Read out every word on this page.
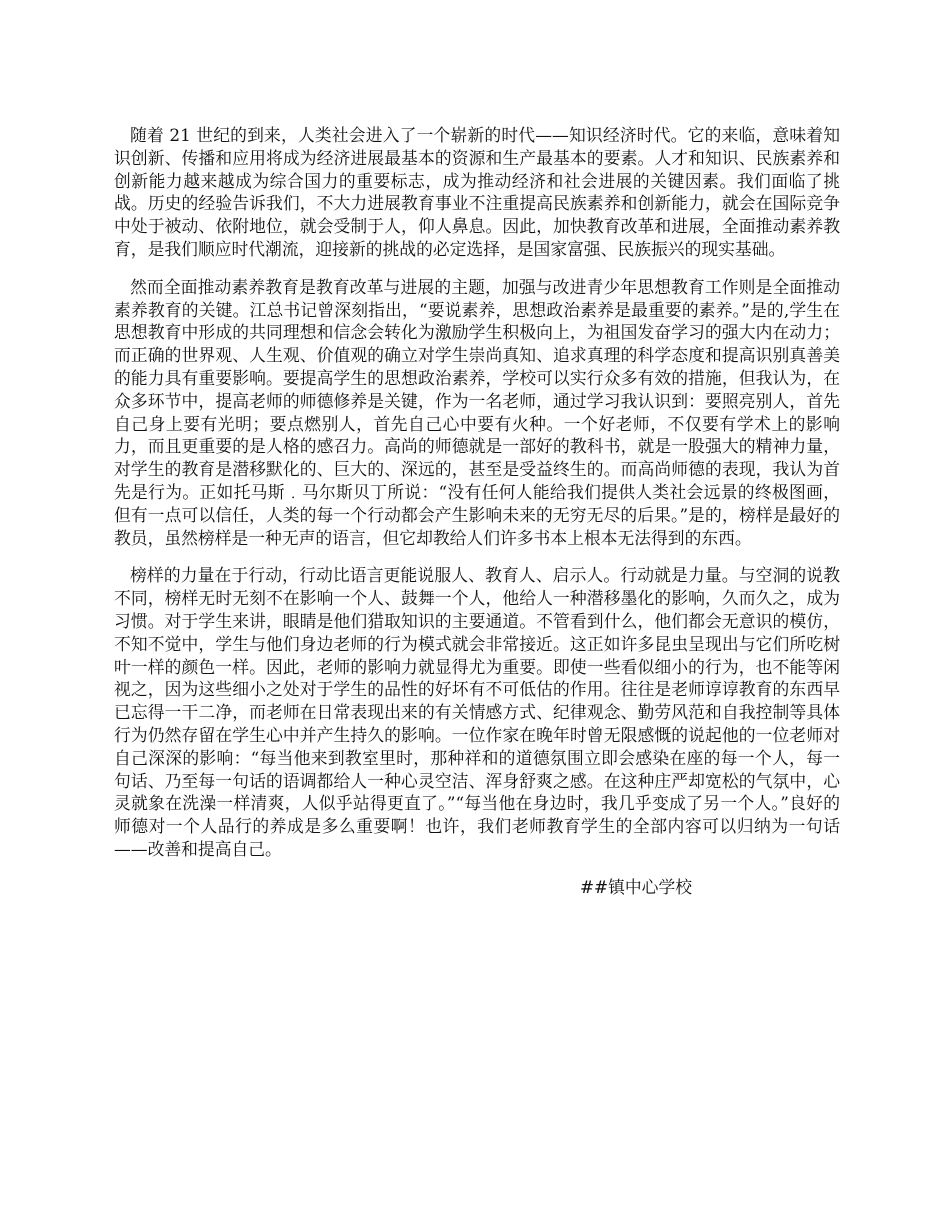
随着 21 世纪的到来，人类社会进入了一个崭新的时代——知识经济时代。它的来临，意味着知识创新、传播和应用将成为经济进展最基本的资源和生产最基本的要素。人才和知识、民族素养和创新能力越来越成为综合国力的重要标志，成为推动经济和社会进展的关键因素。我们面临了挑战。历史的经验告诉我们，不大力进展教育事业不注重提高民族素养和创新能力，就会在国际竞争中处于被动、依附地位，就会受制于人，仰人鼻息。因此，加快教育改革和进展，全面推动素养教育，是我们顺应时代潮流，迎接新的挑战的必定选择，是国家富强、民族振兴的现实基础。

然而全面推动素养教育是教育改革与进展的主题，加强与改进青少年思想教育工作则是全面推动素养教育的关键。江总书记曾深刻指出，“要说素养，思想政治素养是最重要的素养。”是的,学生在思想教育中形成的共同理想和信念会转化为激励学生积极向上，为祖国发奋学习的强大内在动力；而正确的世界观、人生观、价值观的确立对学生崇尚真知、追求真理的科学态度和提高识别真善美的能力具有重要影响。要提高学生的思想政治素养，学校可以实行众多有效的措施，但我认为，在众多环节中，提高老师的师德修养是关键，作为一名老师，通过学习我认识到：要照亮别人，首先自己身上要有光明；要点燃别人，首先自己心中要有火种。一个好老师，不仅要有学术上的影响力，而且更重要的是人格的感召力。高尚的师德就是一部好的教科书，就是一股强大的精神力量，对学生的教育是潜移默化的、巨大的、深远的，甚至是受益终生的。而高尚师德的表现，我认为首先是行为。正如托马斯﹒马尔斯贝丁所说：“没有任何人能给我们提供人类社会远景的终极图画，但有一点可以信任，人类的每一个行动都会产生影响未来的无穷无尽的后果。”是的，榜样是最好的教员，虽然榜样是一种无声的语言，但它却教给人们许多书本上根本无法得到的东西。

榜样的力量在于行动，行动比语言更能说服人、教育人、启示人。行动就是力量。与空洞的说教不同，榜样无时无刻不在影响一个人、鼓舞一个人，他给人一种潜移墨化的影响，久而久之，成为习惯。对于学生来讲，眼睛是他们猎取知识的主要通道。不管看到什么，他们都会无意识的模仿，不知不觉中，学生与他们身边老师的行为模式就会非常接近。这正如许多昆虫呈现出与它们所吃树叶一样的颜色一样。因此，老师的影响力就显得尤为重要。即使一些看似细小的行为，也不能等闲视之，因为这些细小之处对于学生的品性的好坏有不可低估的作用。往往是老师谆谆教育的东西早已忘得一干二净，而老师在日常表现出来的有关情感方式、纪律观念、勤劳风范和自我控制等具体行为仍然存留在学生心中并产生持久的影响。一位作家在晚年时曾无限感慨的说起他的一位老师对自己深深的影响：“每当他来到教室里时，那种祥和的道德氛围立即会感染在座的每一个人，每一句话、乃至每一句话的语调都给人一种心灵空洁、浑身舒爽之感。在这种庄严却宽松的气氛中，心灵就象在洗澡一样清爽，人似乎站得更直了。”“每当他在身边时，我几乎变成了另一个人。”良好的师德对一个人品行的养成是多么重要啊！也许，我们老师教育学生的全部内容可以归纳为一句话——改善和提高自己。

##镇中心学校
